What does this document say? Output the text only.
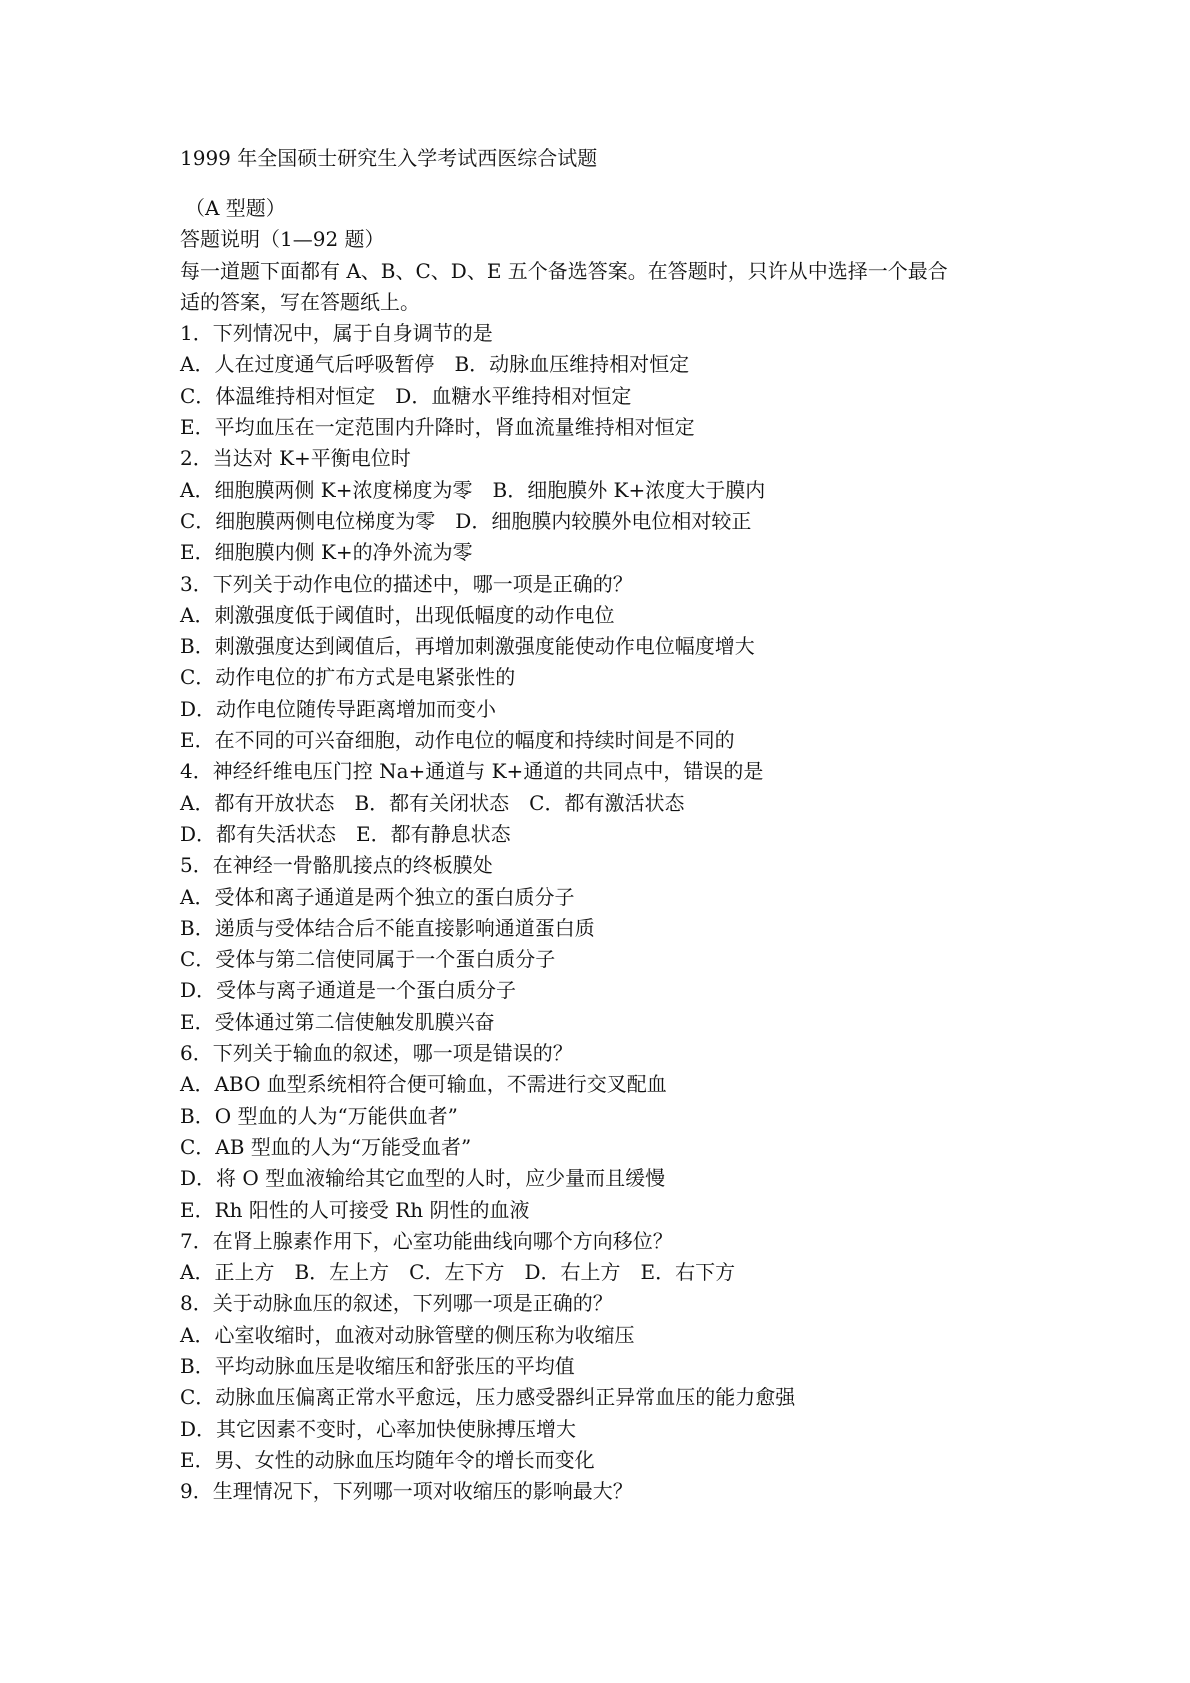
1999 年全国硕士研究生入学考试西医综合试题
（A 型题）
答题说明（1—92 题）
每一道题下面都有 A、B、C、D、E 五个备选答案。在答题时，只许从中选择一个最合
适的答案，写在答题纸上。
1．下列情况中，属于自身调节的是
A．人在过度通气后呼吸暂停　B．动脉血压维持相对恒定
C．体温维持相对恒定　D．血糖水平维持相对恒定
E．平均血压在一定范围内升降时，肾血流量维持相对恒定
2．当达对 K+平衡电位时
A．细胞膜两侧 K+浓度梯度为零　B．细胞膜外 K+浓度大于膜内
C．细胞膜两侧电位梯度为零　D．细胞膜内较膜外电位相对较正
E．细胞膜内侧 K+的净外流为零
3．下列关于动作电位的描述中，哪一项是正确的？
A．刺激强度低于阈值时，出现低幅度的动作电位
B．刺激强度达到阈值后，再增加刺激强度能使动作电位幅度增大
C．动作电位的扩布方式是电紧张性的
D．动作电位随传导距离增加而变小
E．在不同的可兴奋细胞，动作电位的幅度和持续时间是不同的
4．神经纤维电压门控 Na+通道与 K+通道的共同点中，错误的是
A．都有开放状态　B．都有关闭状态　C．都有激活状态
D．都有失活状态　E．都有静息状态
5．在神经一骨骼肌接点的终板膜处
A．受体和离子通道是两个独立的蛋白质分子
B．递质与受体结合后不能直接影响通道蛋白质
C．受体与第二信使同属于一个蛋白质分子
D．受体与离子通道是一个蛋白质分子
E．受体通过第二信使触发肌膜兴奋
6．下列关于输血的叙述，哪一项是错误的？
A．ABO 血型系统相符合便可输血，不需进行交叉配血
B．O 型血的人为“万能供血者”
C．AB 型血的人为“万能受血者”
D．将 O 型血液输给其它血型的人时，应少量而且缓慢
E．Rh 阳性的人可接受 Rh 阴性的血液
7．在肾上腺素作用下，心室功能曲线向哪个方向移位？
A．正上方　B．左上方　C．左下方　D．右上方　E．右下方
8．关于动脉血压的叙述，下列哪一项是正确的？
A．心室收缩时，血液对动脉管壁的侧压称为收缩压
B．平均动脉血压是收缩压和舒张压的平均值
C．动脉血压偏离正常水平愈远，压力感受器纠正异常血压的能力愈强
D．其它因素不变时，心率加快使脉搏压增大
E．男、女性的动脉血压均随年令的增长而变化
9．生理情况下，下列哪一项对收缩压的影响最大？
